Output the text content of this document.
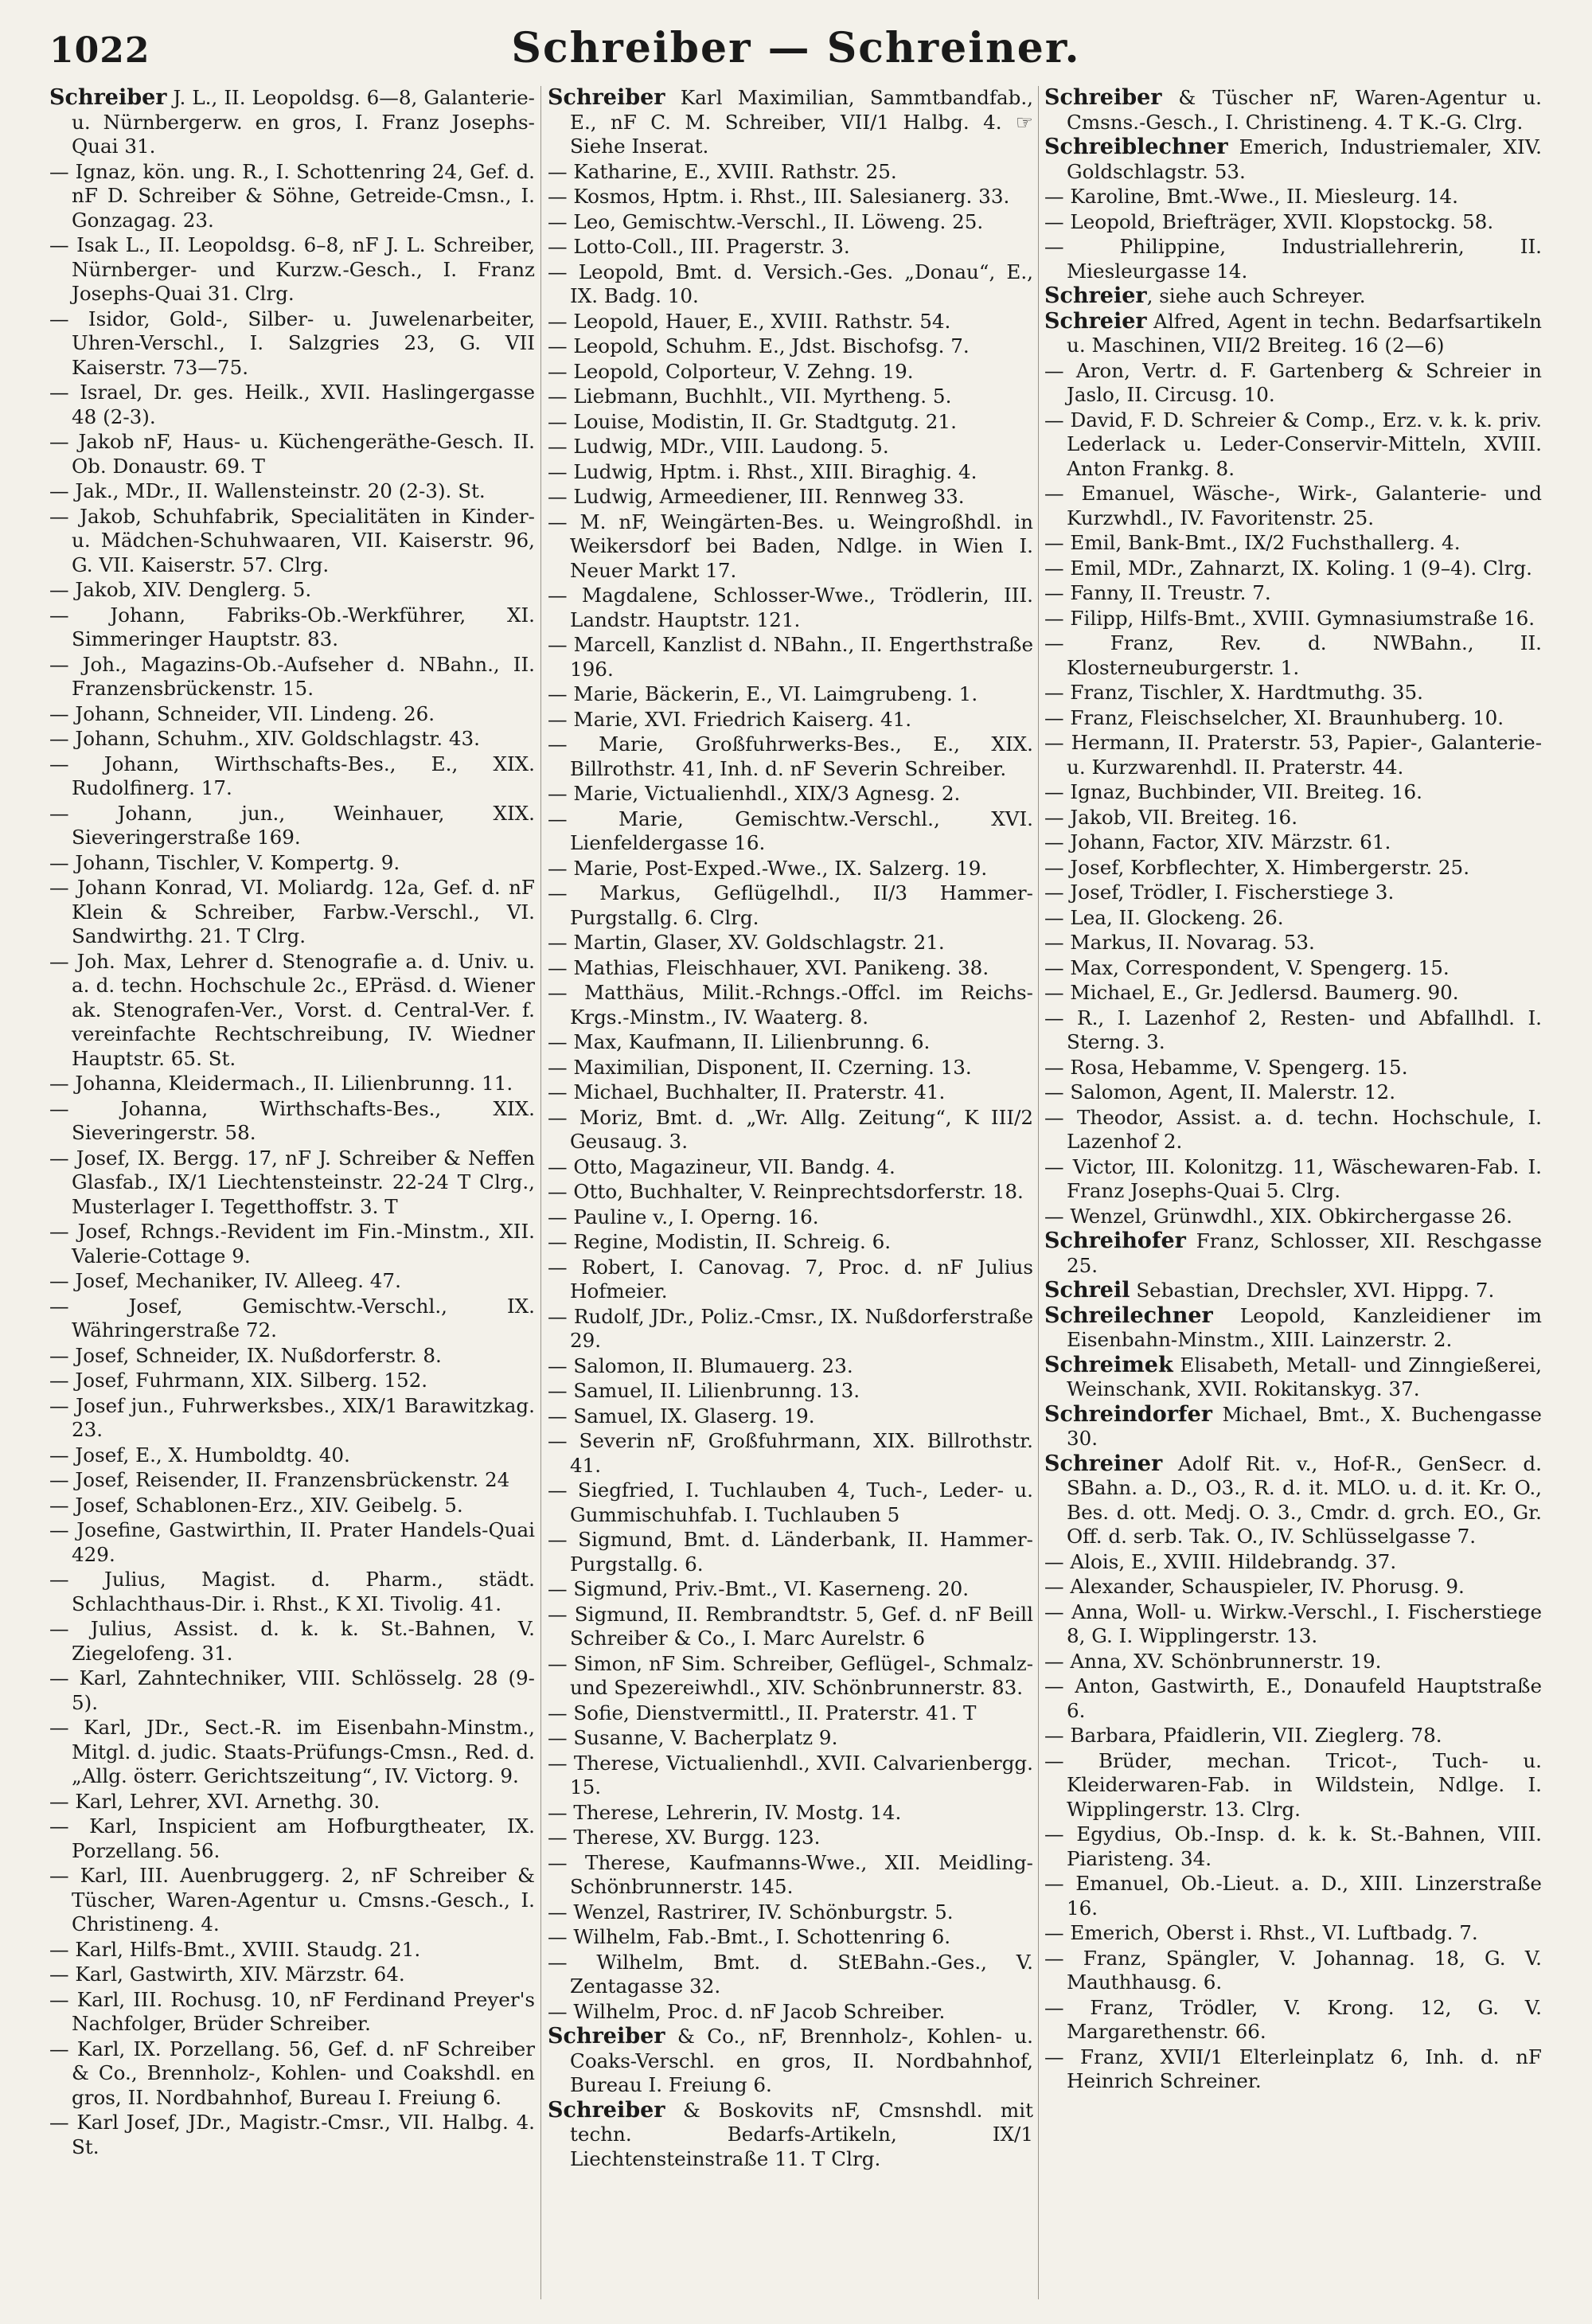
1022	Schreiber — Schreiner.

Schreiber J. L., II. Leopoldsg. 6—8, Galanterie- u. Nürnbergerw. en gros, I. Franz Josephs-Quai 31.

— Ignaz, kön. ung. R., I. Schottenring 24, Gef. d. nF D. Schreiber & Söhne, Getreide-Cmsn., I. Gonzagag. 23.

— Isak L., II. Leopoldsg. 6–8, nF J. L. Schreiber, Nürnberger- und Kurzw.-Gesch., I. Franz Josephs-Quai 31. Clrg.

— Isidor, Gold-, Silber- u. Juwelenarbeiter, Uhren-Verschl., I. Salzgries 23, G. VII Kaiserstr. 73—75.

— Israel, Dr. ges. Heilk., XVII. Haslingergasse 48 (2-3).

— Jakob nF, Haus- u. Küchengeräthe-Gesch. II. Ob. Donaustr. 69. T

— Jak., MDr., II. Wallensteinstr. 20 (2-3). St.

— Jakob, Schuhfabrik, Specialitäten in Kinder- u. Mädchen-Schuhwaaren, VII. Kaiserstr. 96, G. VII. Kaiserstr. 57. Clrg.

— Jakob, XIV. Denglerg. 5.

— Johann, Fabriks-Ob.-Werkführer, XI. Simmeringer Hauptstr. 83.

— Joh., Magazins-Ob.-Aufseher d. NBahn., II. Franzensbrückenstr. 15.

— Johann, Schneider, VII. Lindeng. 26.

— Johann, Schuhm., XIV. Goldschlagstr. 43.

— Johann, Wirthschafts-Bes., E., XIX. Rudolfinerg. 17.

— Johann, jun., Weinhauer, XIX. Sieveringerstraße 169.

— Johann, Tischler, V. Kompertg. 9.

— Johann Konrad, VI. Moliardg. 12a, Gef. d. nF Klein & Schreiber, Farbw.-Verschl., VI. Sandwirthg. 21. T Clrg.

— Joh. Max, Lehrer d. Stenografie a. d. Univ. u. a. d. techn. Hochschule 2c., EPräsd. d. Wiener ak. Stenografen-Ver., Vorst. d. Central-Ver. f. vereinfachte Rechtschreibung, IV. Wiedner Hauptstr. 65. St.

— Johanna, Kleidermach., II. Lilienbrunng. 11.

— Johanna, Wirthschafts-Bes., XIX. Sieveringerstr. 58.

— Josef, IX. Bergg. 17, nF J. Schreiber & Neffen Glasfab., IX/1 Liechtensteinstr. 22-24 T Clrg., Musterlager I. Tegetthoffstr. 3. T

— Josef, Rchngs.-Revident im Fin.-Minstm., XII. Valerie-Cottage 9.

— Josef, Mechaniker, IV. Alleeg. 47.

— Josef, Gemischtw.-Verschl., IX. Währingerstraße 72.

— Josef, Schneider, IX. Nußdorferstr. 8.

— Josef, Fuhrmann, XIX. Silberg. 152.

— Josef jun., Fuhrwerksbes., XIX/1 Barawitzkag. 23.

— Josef, E., X. Humboldtg. 40.

— Josef, Reisender, II. Franzensbrückenstr. 24

— Josef, Schablonen-Erz., XIV. Geibelg. 5.

— Josefine, Gastwirthin, II. Prater Handels-Quai 429.

— Julius, Magist. d. Pharm., städt. Schlachthaus-Dir. i. Rhst., K XI. Tivolig. 41.

— Julius, Assist. d. k. k. St.-Bahnen, V. Ziegelofeng. 31.

— Karl, Zahntechniker, VIII. Schlösselg. 28 (9-5).

— Karl, JDr., Sect.-R. im Eisenbahn-Minstm., Mitgl. d. judic. Staats-Prüfungs-Cmsn., Red. d. „Allg. österr. Gerichtszeitung“, IV. Victorg. 9.

— Karl, Lehrer, XVI. Arnethg. 30.

— Karl, Inspicient am Hofburgtheater, IX. Porzellang. 56.

— Karl, III. Auenbruggerg. 2, nF Schreiber & Tüscher, Waren-Agentur u. Cmsns.-Gesch., I. Christineng. 4.

— Karl, Hilfs-Bmt., XVIII. Staudg. 21.

— Karl, Gastwirth, XIV. Märzstr. 64.

— Karl, III. Rochusg. 10, nF Ferdinand Preyer's Nachfolger, Brüder Schreiber.

— Karl, IX. Porzellang. 56, Gef. d. nF Schreiber & Co., Brennholz-, Kohlen- und Coakshdl. en gros, II. Nordbahnhof, Bureau I. Freiung 6.

— Karl Josef, JDr., Magistr.-Cmsr., VII. Halbg. 4. St.

Schreiber Karl Maximilian, Sammtbandfab., E., nF C. M. Schreiber, VII/1 Halbg. 4. ☞ Siehe Inserat.

— Katharine, E., XVIII. Rathstr. 25.

— Kosmos, Hptm. i. Rhst., III. Salesianerg. 33.

— Leo, Gemischtw.-Verschl., II. Löweng. 25.

— Lotto-Coll., III. Pragerstr. 3.

— Leopold, Bmt. d. Versich.-Ges. „Donau“, E., IX. Badg. 10.

— Leopold, Hauer, E., XVIII. Rathstr. 54.

— Leopold, Schuhm. E., Jdst. Bischofsg. 7.

— Leopold, Colporteur, V. Zehng. 19.

— Liebmann, Buchhlt., VII. Myrtheng. 5.

— Louise, Modistin, II. Gr. Stadtgutg. 21.

— Ludwig, MDr., VIII. Laudong. 5.

— Ludwig, Hptm. i. Rhst., XIII. Biraghig. 4.

— Ludwig, Armeediener, III. Rennweg 33.

— M. nF, Weingärten-Bes. u. Weingroßhdl. in Weikersdorf bei Baden, Ndlge. in Wien I. Neuer Markt 17.

— Magdalene, Schlosser-Wwe., Trödlerin, III. Landstr. Hauptstr. 121.

— Marcell, Kanzlist d. NBahn., II. Engerthstraße 196.

— Marie, Bäckerin, E., VI. Laimgrubeng. 1.

— Marie, XVI. Friedrich Kaiserg. 41.

— Marie, Großfuhrwerks-Bes., E., XIX. Billrothstr. 41, Inh. d. nF Severin Schreiber.

— Marie, Victualienhdl., XIX/3 Agnesg. 2.

— Marie, Gemischtw.-Verschl., XVI. Lienfeldergasse 16.

— Marie, Post-Exped.-Wwe., IX. Salzerg. 19.

— Markus, Geflügelhdl., II/3 Hammer-Purgstallg. 6. Clrg.

— Martin, Glaser, XV. Goldschlagstr. 21.

— Mathias, Fleischhauer, XVI. Panikeng. 38.

— Matthäus, Milit.-Rchngs.-Offcl. im Reichs-Krgs.-Minstm., IV. Waaterg. 8.

— Max, Kaufmann, II. Lilienbrunng. 6.

— Maximilian, Disponent, II. Czerning. 13.

— Michael, Buchhalter, II. Praterstr. 41.

— Moriz, Bmt. d. „Wr. Allg. Zeitung“, K III/2 Geusaug. 3.

— Otto, Magazineur, VII. Bandg. 4.

— Otto, Buchhalter, V. Reinprechtsdorferstr. 18.

— Pauline v., I. Operng. 16.

— Regine, Modistin, II. Schreig. 6.

— Robert, I. Canovag. 7, Proc. d. nF Julius Hofmeier.

— Rudolf, JDr., Poliz.-Cmsr., IX. Nußdorferstraße 29.

— Salomon, II. Blumauerg. 23.

— Samuel, II. Lilienbrunng. 13.

— Samuel, IX. Glaserg. 19.

— Severin nF, Großfuhrmann, XIX. Billrothstr. 41.

— Siegfried, I. Tuchlauben 4, Tuch-, Leder- u. Gummischuhfab. I. Tuchlauben 5

— Sigmund, Bmt. d. Länderbank, II. Hammer-Purgstallg. 6.

— Sigmund, Priv.-Bmt., VI. Kaserneng. 20.

— Sigmund, II. Rembrandtstr. 5, Gef. d. nF Beill Schreiber & Co., I. Marc Aurelstr. 6

— Simon, nF Sim. Schreiber, Geflügel-, Schmalz- und Spezereiwhdl., XIV. Schönbrunnerstr. 83.

— Sofie, Dienstvermittl., II. Praterstr. 41. T

— Susanne, V. Bacherplatz 9.

— Therese, Victualienhdl., XVII. Calvarienbergg. 15.

— Therese, Lehrerin, IV. Mostg. 14.

— Therese, XV. Burgg. 123.

— Therese, Kaufmanns-Wwe., XII. Meidling-Schönbrunnerstr. 145.

— Wenzel, Rastrirer, IV. Schönburgstr. 5.

— Wilhelm, Fab.-Bmt., I. Schottenring 6.

— Wilhelm, Bmt. d. StEBahn.-Ges., V. Zentagasse 32.

— Wilhelm, Proc. d. nF Jacob Schreiber.

Schreiber & Co., nF, Brennholz-, Kohlen- u. Coaks-Verschl. en gros, II. Nordbahnhof, Bureau I. Freiung 6.

Schreiber & Boskovits nF, Cmsnshdl. mit techn. Bedarfs-Artikeln, IX/1 Liechtensteinstraße 11. T Clrg.

Schreiber & Tüscher nF, Waren-Agentur u. Cmsns.-Gesch., I. Christineng. 4. T K.-G. Clrg.

Schreiblechner Emerich, Industriemaler, XIV. Goldschlagstr. 53.

— Karoline, Bmt.-Wwe., II. Miesleurg. 14.

— Leopold, Briefträger, XVII. Klopstockg. 58.

— Philippine, Industriallehrerin, II. Miesleurgasse 14.

Schreier, siehe auch Schreyer.

Schreier Alfred, Agent in techn. Bedarfsartikeln u. Maschinen, VII/2 Breiteg. 16 (2—6)

— Aron, Vertr. d. F. Gartenberg & Schreier in Jaslo, II. Circusg. 10.

— David, F. D. Schreier & Comp., Erz. v. k. k. priv. Lederlack u. Leder-Conservir-Mitteln, XVIII. Anton Frankg. 8.

— Emanuel, Wäsche-, Wirk-, Galanterie- und Kurzwhdl., IV. Favoritenstr. 25.

— Emil, Bank-Bmt., IX/2 Fuchsthallerg. 4.

— Emil, MDr., Zahnarzt, IX. Koling. 1 (9–4). Clrg.

— Fanny, II. Treustr. 7.

— Filipp, Hilfs-Bmt., XVIII. Gymnasiumstraße 16.

— Franz, Rev. d. NWBahn., II. Klosterneuburgerstr. 1.

— Franz, Tischler, X. Hardtmuthg. 35.

— Franz, Fleischselcher, XI. Braunhuberg. 10.

— Hermann, II. Praterstr. 53, Papier-, Galanterie- u. Kurzwarenhdl. II. Praterstr. 44.

— Ignaz, Buchbinder, VII. Breiteg. 16.

— Jakob, VII. Breiteg. 16.

— Johann, Factor, XIV. Märzstr. 61.

— Josef, Korbflechter, X. Himbergerstr. 25.

— Josef, Trödler, I. Fischerstiege 3.

— Lea, II. Glockeng. 26.

— Markus, II. Novarag. 53.

— Max, Correspondent, V. Spengerg. 15.

— Michael, E., Gr. Jedlersd. Baumerg. 90.

— R., I. Lazenhof 2, Resten- und Abfallhdl. I. Sterng. 3.

— Rosa, Hebamme, V. Spengerg. 15.

— Salomon, Agent, II. Malerstr. 12.

— Theodor, Assist. a. d. techn. Hochschule, I. Lazenhof 2.

— Victor, III. Kolonitzg. 11, Wäschewaren-Fab. I. Franz Josephs-Quai 5. Clrg.

— Wenzel, Grünwdhl., XIX. Obkirchergasse 26.

Schreihofer Franz, Schlosser, XII. Reschgasse 25.

Schreil Sebastian, Drechsler, XVI. Hippg. 7.

Schreilechner Leopold, Kanzleidiener im Eisenbahn-Minstm., XIII. Lainzerstr. 2.

Schreimek Elisabeth, Metall- und Zinngießerei, Weinschank, XVII. Rokitanskyg. 37.

Schreindorfer Michael, Bmt., X. Buchengasse 30.

Schreiner Adolf Rit. v., Hof-R., GenSecr. d. SBahn. a. D., O3., R. d. it. MLO. u. d. it. Kr. O., Bes. d. ott. Medj. O. 3., Cmdr. d. grch. EO., Gr. Off. d. serb. Tak. O., IV. Schlüsselgasse 7.

— Alois, E., XVIII. Hildebrandg. 37.

— Alexander, Schauspieler, IV. Phorusg. 9.

— Anna, Woll- u. Wirkw.-Verschl., I. Fischerstiege 8, G. I. Wipplingerstr. 13.

— Anna, XV. Schönbrunnerstr. 19.

— Anton, Gastwirth, E., Donaufeld Hauptstraße 6.

— Barbara, Pfaidlerin, VII. Zieglerg. 78.

— Brüder, mechan. Tricot-, Tuch- u. Kleiderwaren-Fab. in Wildstein, Ndlge. I. Wipplingerstr. 13. Clrg.

— Egydius, Ob.-Insp. d. k. k. St.-Bahnen, VIII. Piaristeng. 34.

— Emanuel, Ob.-Lieut. a. D., XIII. Linzerstraße 16.

— Emerich, Oberst i. Rhst., VI. Luftbadg. 7.

— Franz, Spängler, V. Johannag. 18, G. V. Mauthhausg. 6.

— Franz, Trödler, V. Krong. 12, G. V. Margarethenstr. 66.

— Franz, XVII/1 Elterleinplatz 6, Inh. d. nF Heinrich Schreiner.
